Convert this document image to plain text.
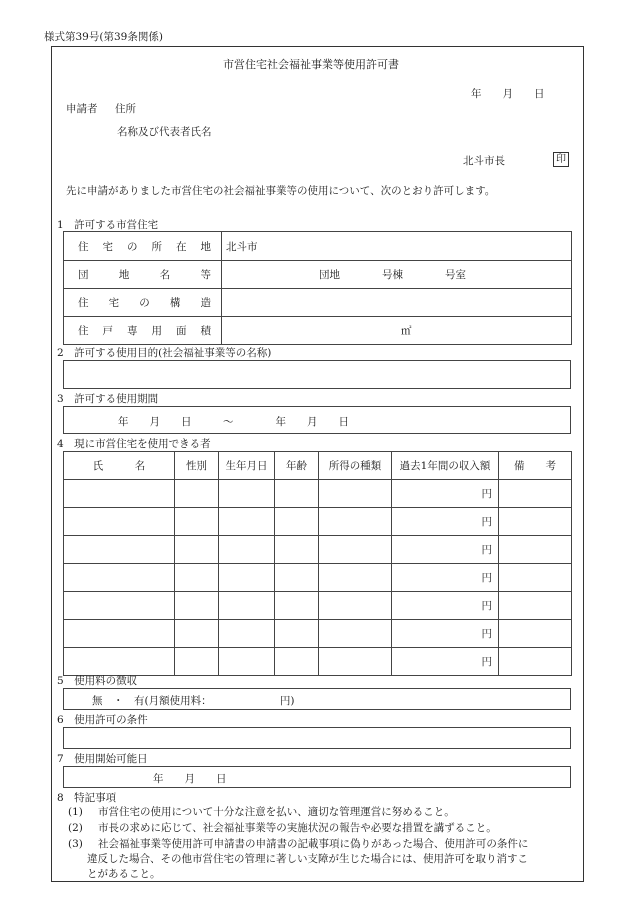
様式第39号(第39条関係)
市営住宅社会福祉事業等使用許可書
年　　月　　日
申請者 住所
名称及び代表者氏名
北斗市長	印
先に申請がありました市営住宅の社会福祉事業等の使用について、次のとおり許可します。
1　許可する市営住宅
住宅の所在地	北斗市
団地名等	団地　　　　号棟　　　　号室
住宅の構造	
住戸専用面積	㎡
2　許可する使用目的(社会福祉事業等の名称)
3　許可する使用期間
年　　月　　日　　　～　　　　年　　月　　日
4　現に市営住宅を使用できる者
氏　　　名	性別	生年月日	年齢	所得の種類	過去1年間の収入額	備　　考
					円	
					円	
					円	
					円	
					円	
					円	
					円	
5　使用料の徴収
無　・　有(月額使用料：　　　　　　　円)
6　使用許可の条件
7　使用開始可能日
年　　月　　日
8　特記事項
(1) 市営住宅の使用について十分な注意を払い、適切な管理運営に努めること。
(2) 市長の求めに応じて、社会福祉事業等の実施状況の報告や必要な措置を講ずること。
(3) 社会福祉事業等使用許可申請書の申請書の記載事項に偽りがあった場合、使用許可の条件に
違反した場合、その他市営住宅の管理に著しい支障が生じた場合には、使用許可を取り消すこ
とがあること。
